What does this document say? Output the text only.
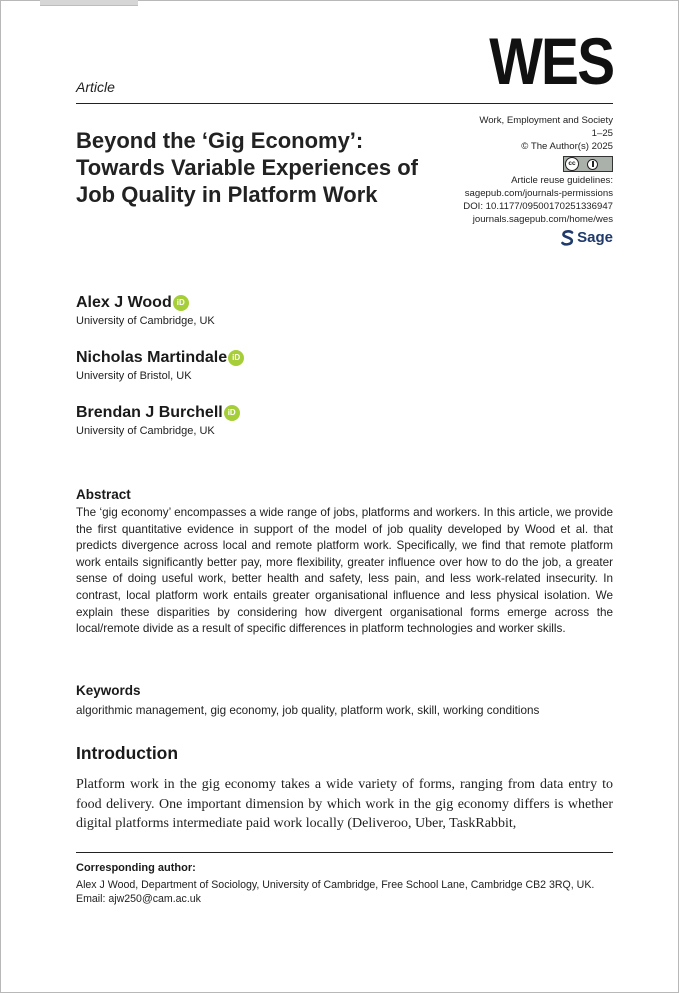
WES
Article
Beyond the ‘Gig Economy’: Towards Variable Experiences of Job Quality in Platform Work
Work, Employment and Society
1–25
© The Author(s) 2025
cc
Article reuse guidelines:
sagepub.com/journals-permissions
DOI: 10.1177/09500170251336947
journals.sagepub.com/home/wes
Sage
Alex J Wood iD
University of Cambridge, UK
Nicholas Martindale iD
University of Bristol, UK
Brendan J Burchell iD
University of Cambridge, UK
Abstract

The ‘gig economy’ encompasses a wide range of jobs, platforms and workers. In this article, we provide the first quantitative evidence in support of the model of job quality developed by Wood et al. that predicts divergence across local and remote platform work. Specifically, we find that remote platform work entails significantly better pay, more flexibility, greater influence over how to do the job, a greater sense of doing useful work, better health and safety, less pain, and less work-related insecurity. In contrast, local platform work entails greater organisational influence and less physical isolation. We explain these disparities by considering how divergent organisational forms emerge across the local/remote divide as a result of specific differences in platform technologies and worker skills.

Keywords

algorithmic management, gig economy, job quality, platform work, skill, working conditions

Introduction

Platform work in the gig economy takes a wide variety of forms, ranging from data entry to food delivery. One important dimension by which work in the gig economy differs is whether digital platforms intermediate paid work locally (Deliveroo, Uber, TaskRabbit,

Corresponding author:
Alex J Wood, Department of Sociology, University of Cambridge, Free School Lane, Cambridge CB2 3RQ, UK.
Email: ajw250@cam.ac.uk
